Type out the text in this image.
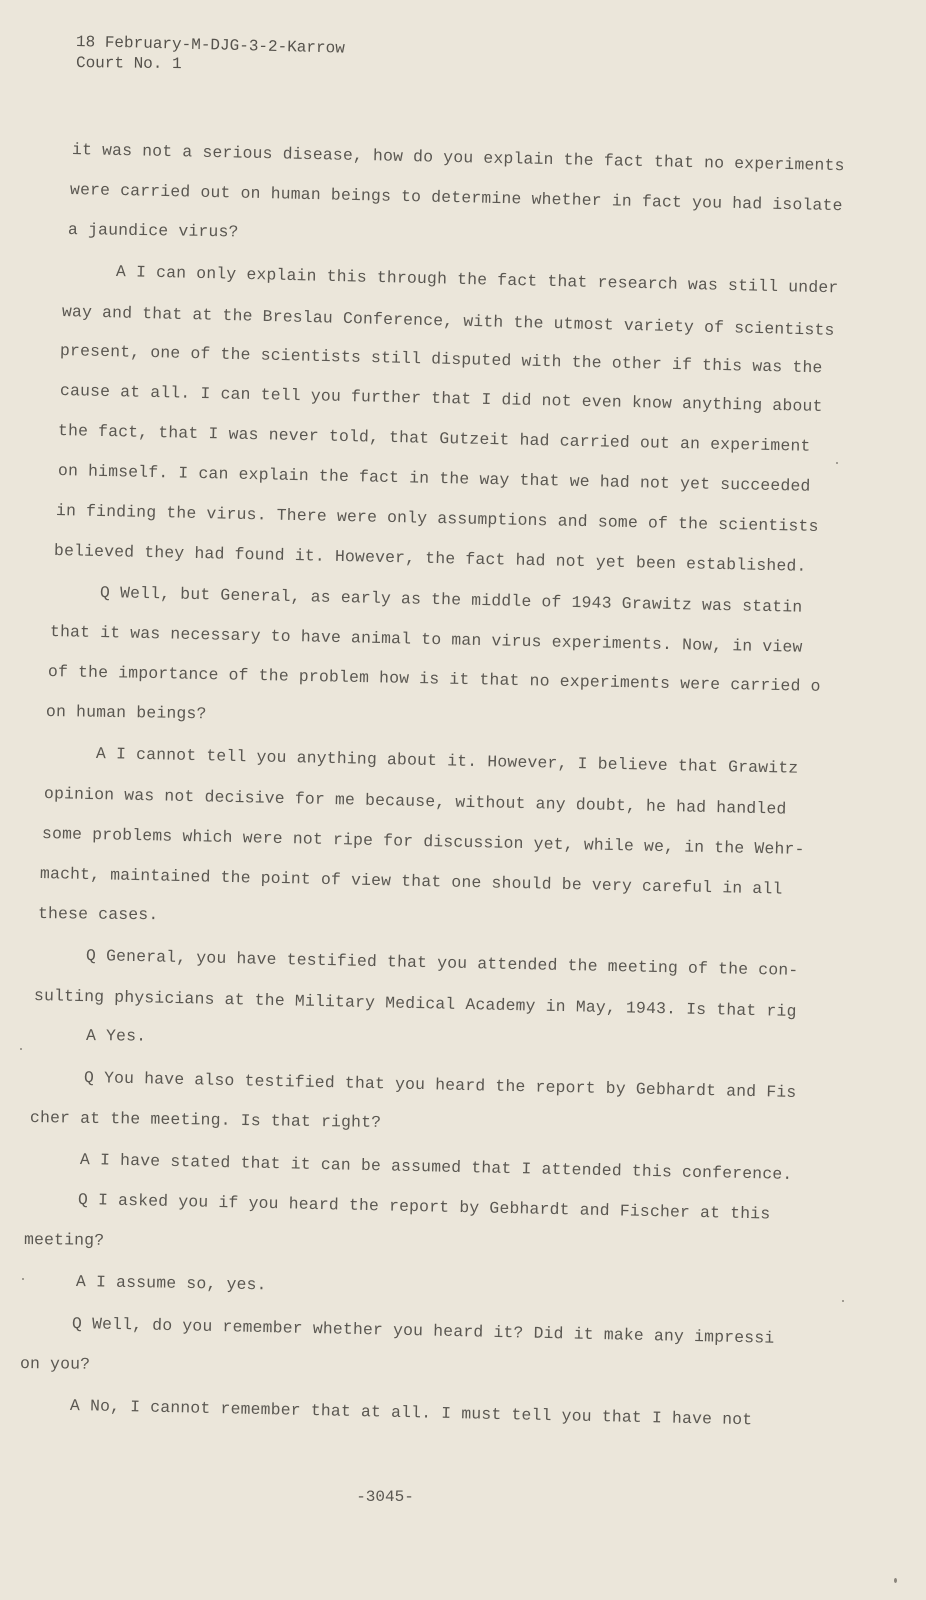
18 February-M-DJG-3-2-Karrow
Court No. 1
it was not a serious disease, how do you explain the fact that no experiments
were carried out on human beings to determine whether in fact you had isolate
a jaundice virus?
A I can only explain this through the fact that research was still under
way and that at the Breslau Conference, with the utmost variety of scientists
present, one of the scientists still disputed with the other if this was the
cause at all. I can tell you further that I did not even know anything about
the fact, that I was never told, that Gutzeit had carried out an experiment
on himself. I can explain the fact in the way that we had not yet succeeded
in finding the virus. There were only assumptions and some of the scientists
believed they had found it. However, the fact had not yet been established.
Q Well, but General, as early as the middle of 1943 Grawitz was statin
that it was necessary to have animal to man virus experiments. Now, in view
of the importance of the problem how is it that no experiments were carried o
on human beings?
A I cannot tell you anything about it. However, I believe that Grawitz
opinion was not decisive for me because, without any doubt, he had handled
some problems which were not ripe for discussion yet, while we, in the Wehr-
macht, maintained the point of view that one should be very careful in all
these cases.
Q General, you have testified that you attended the meeting of the con-
sulting physicians at the Military Medical Academy in May, 1943. Is that rig
A Yes.
Q You have also testified that you heard the report by Gebhardt and Fis
cher at the meeting. Is that right?
A I have stated that it can be assumed that I attended this conference.
Q I asked you if you heard the report by Gebhardt and Fischer at this
meeting?
A I assume so, yes.
Q Well, do you remember whether you heard it? Did it make any impressi
on you?
A No, I cannot remember that at all. I must tell you that I have not
-3045-
